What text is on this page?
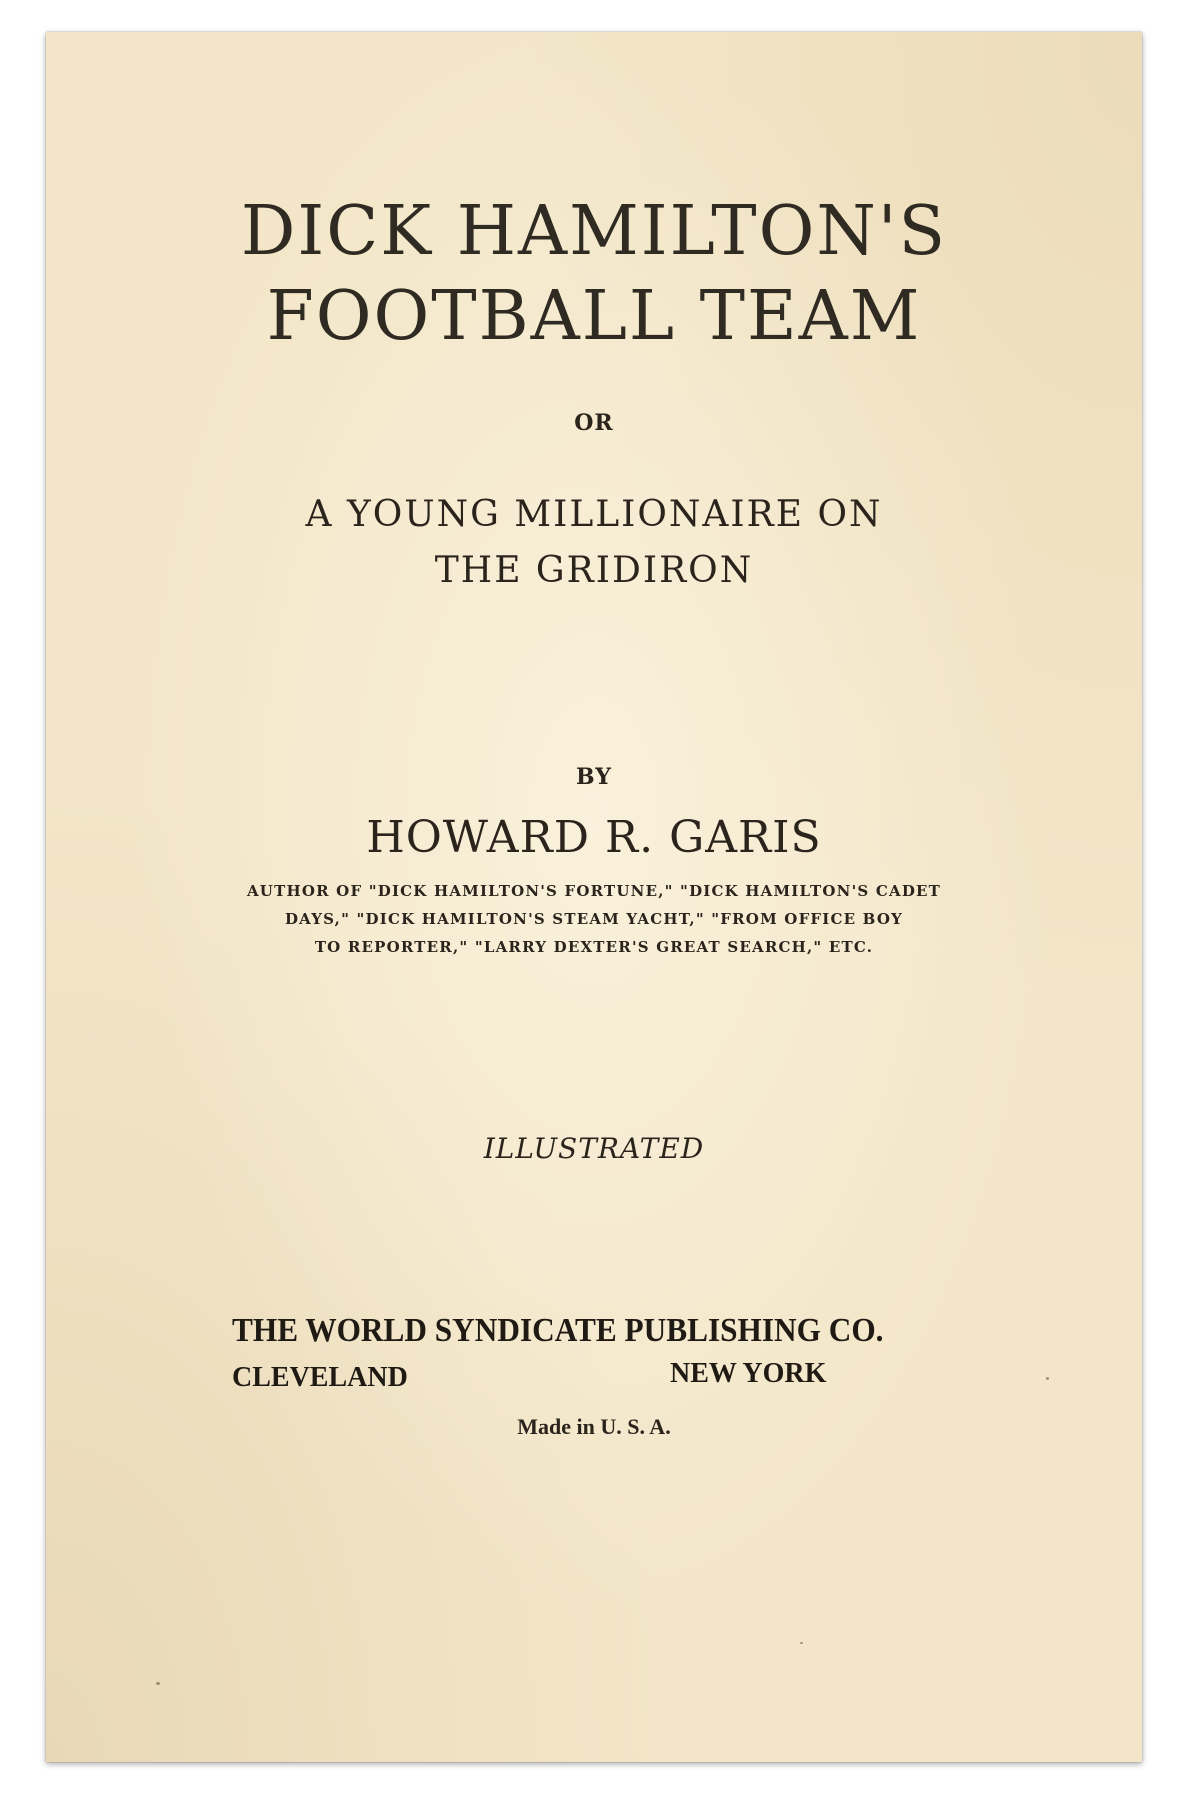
DICK HAMILTON'S
FOOTBALL TEAM
OR
A YOUNG MILLIONAIRE ON
THE GRIDIRON
BY
HOWARD R. GARIS
AUTHOR OF "DICK HAMILTON'S FORTUNE," "DICK HAMILTON'S CADET
DAYS," "DICK HAMILTON'S STEAM YACHT," "FROM OFFICE BOY
TO REPORTER," "LARRY DEXTER'S GREAT SEARCH," ETC.
ILLUSTRATED
THE WORLD SYNDICATE PUBLISHING CO.
CLEVELAND	NEW YORK
Made in U. S. A.
